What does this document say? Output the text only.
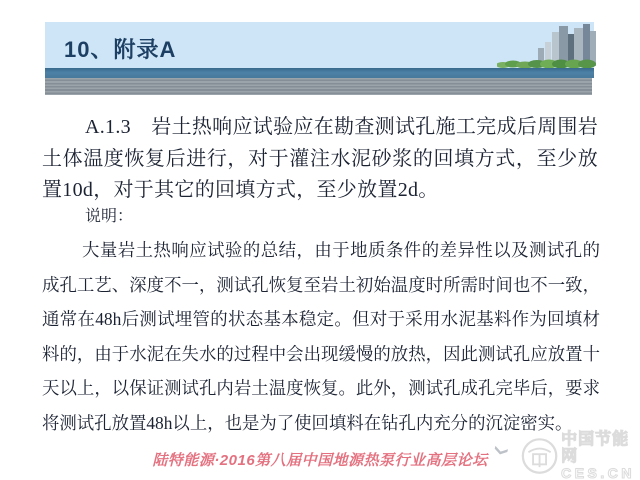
10、附录A

A.1.3　岩土热响应试验应在勘查测试孔施工完成后周围岩土体温度恢复后进行，对于灌注水泥砂浆的回填方式，至少放置10d，对于其它的回填方式，至少放置2d。

说明：

大量岩土热响应试验的总结，由于地质条件的差异性以及测试孔的成孔工艺、深度不一，测试孔恢复至岩土初始温度时所需时间也不一致，通常在48h后测试埋管的状态基本稳定。但对于采用水泥基料作为回填材料的，由于水泥在失水的过程中会出现缓慢的放热，因此测试孔应放置十天以上，以保证测试孔内岩土温度恢复。此外，测试孔成孔完毕后，要求将测试孔放置48h以上，也是为了使回填料在钻孔内充分的沉淀密实。

陆特能源·2016第八届中国地源热泵行业高层论坛
❯
中国节能网
CES.CN
